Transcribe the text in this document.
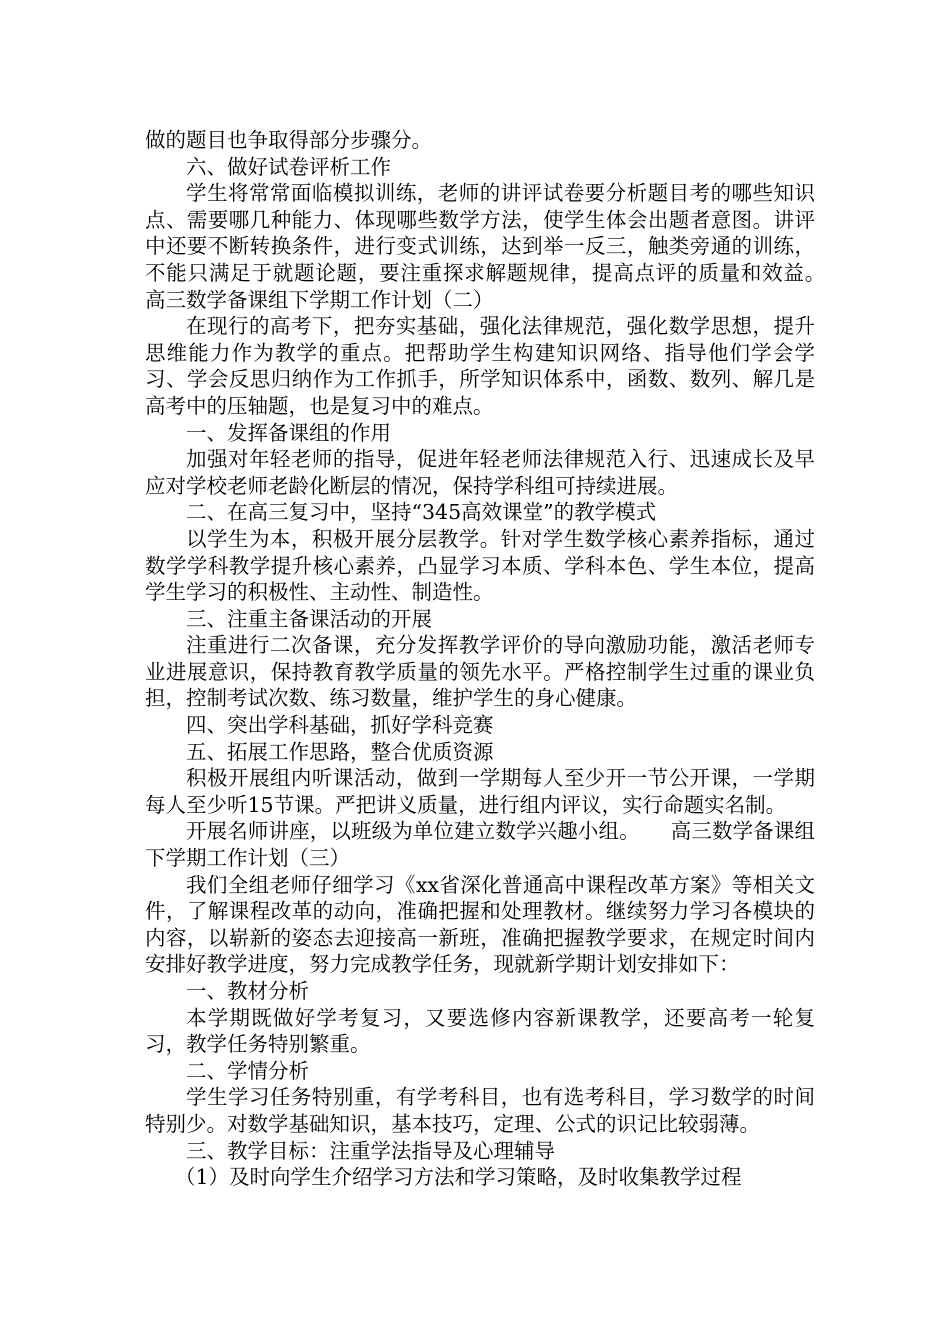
做的题目也争取得部分步骤分。

六、做好试卷评析工作

学生将常常面临模拟训练，老师的讲评试卷要分析题目考的哪些知识点、需要哪几种能力、体现哪些数学方法，使学生体会出题者意图。讲评中还要不断转换条件，进行变式训练，达到举一反三，触类旁通的训练，不能只满足于就题论题，要注重探求解题规律，提高点评的质量和效益。　　高三数学备课组下学期工作计划（二）

在现行的高考下，把夯实基础，强化法律规范，强化数学思想，提升思维能力作为教学的重点。把帮助学生构建知识网络、指导他们学会学习、学会反思归纳作为工作抓手，所学知识体系中，函数、数列、解几是高考中的压轴题，也是复习中的难点。

一、发挥备课组的作用

加强对年轻老师的指导，促进年轻老师法律规范入行、迅速成长及早应对学校老师老龄化断层的情况，保持学科组可持续进展。

二、在高三复习中，坚持“345高效课堂”的教学模式

以学生为本，积极开展分层教学。针对学生数学核心素养指标，通过数学学科教学提升核心素养，凸显学习本质、学科本色、学生本位，提高学生学习的积极性、主动性、制造性。

三、注重主备课活动的开展

注重进行二次备课，充分发挥教学评价的导向激励功能，激活老师专业进展意识，保持教育教学质量的领先水平。严格控制学生过重的课业负担，控制考试次数、练习数量，维护学生的身心健康。

四、突出学科基础，抓好学科竞赛

五、拓展工作思路，整合优质资源

积极开展组内听课活动，做到一学期每人至少开一节公开课，一学期每人至少听15节课。严把讲义质量，进行组内评议，实行命题实名制。

开展名师讲座，以班级为单位建立数学兴趣小组。　　高三数学备课组下学期工作计划（三）

我们全组老师仔细学习《xx省深化普通高中课程改革方案》等相关文件，了解课程改革的动向，准确把握和处理教材。继续努力学习各模块的内容，以崭新的姿态去迎接高一新班，准确把握教学要求，在规定时间内安排好教学进度，努力完成教学任务，现就新学期计划安排如下：

一、教材分析

本学期既做好学考复习，又要选修内容新课教学，还要高考一轮复习，教学任务特别繁重。

二、学情分析

学生学习任务特别重，有学考科目，也有选考科目，学习数学的时间特别少。对数学基础知识，基本技巧，定理、公式的识记比较弱薄。

三、教学目标：注重学法指导及心理辅导

（1）及时向学生介绍学习方法和学习策略，及时收集教学过程
